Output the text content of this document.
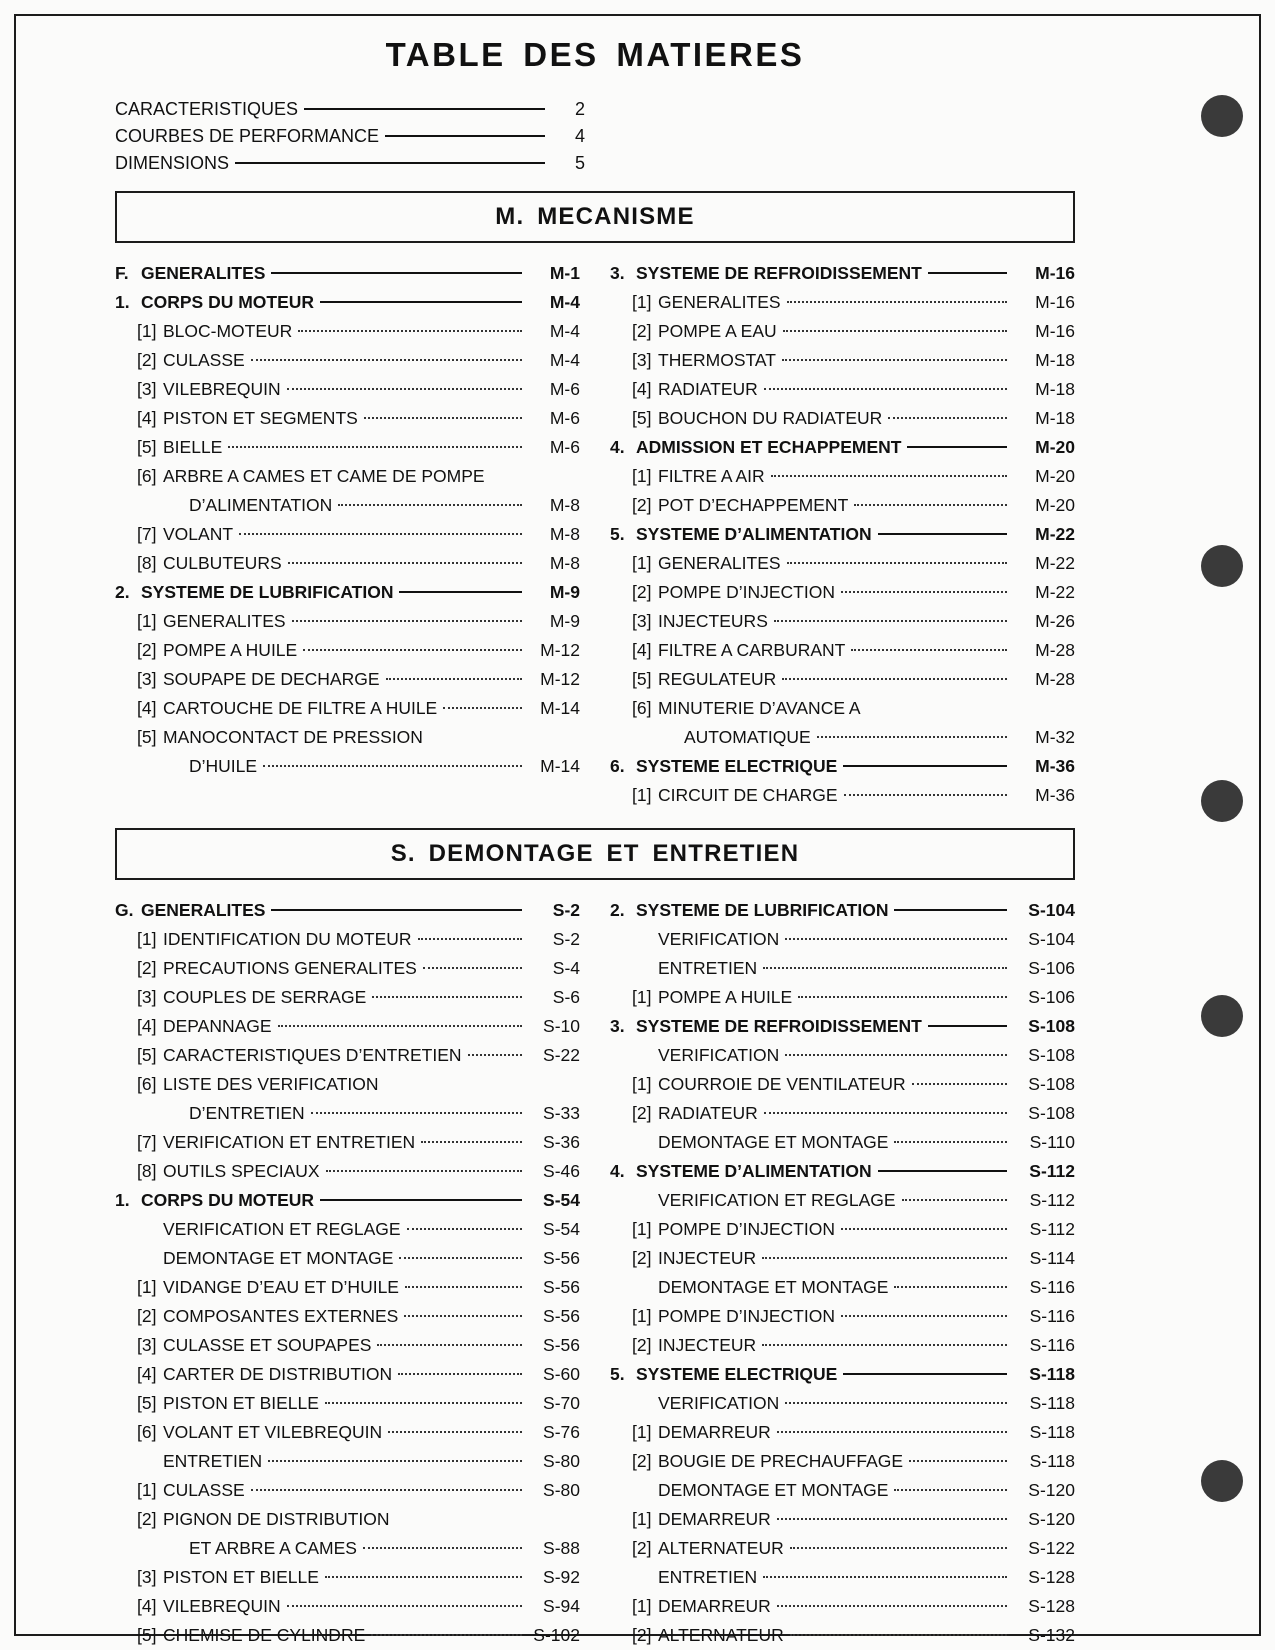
TABLE DES MATIERES
CARACTERISTIQUES	2
COURBES DE PERFORMANCE	4
DIMENSIONS	5
M. MECANISME
F. GENERALITES	M-1
1. CORPS DU MOTEUR	M-4
[1] BLOC-MOTEUR	M-4
[2] CULASSE	M-4
[3] VILEBREQUIN	M-6
[4] PISTON ET SEGMENTS	M-6
[5] BIELLE	M-6
[6] ARBRE A CAMES ET CAME DE POMPE
D’ALIMENTATION	M-8
[7] VOLANT	M-8
[8] CULBUTEURS	M-8
2. SYSTEME DE LUBRIFICATION	M-9
[1] GENERALITES	M-9
[2] POMPE A HUILE	M-12
[3] SOUPAPE DE DECHARGE	M-12
[4] CARTOUCHE DE FILTRE A HUILE	M-14
[5] MANOCONTACT DE PRESSION
D’HUILE	M-14
3. SYSTEME DE REFROIDISSEMENT	M-16
[1] GENERALITES	M-16
[2] POMPE A EAU	M-16
[3] THERMOSTAT	M-18
[4] RADIATEUR	M-18
[5] BOUCHON DU RADIATEUR	M-18
4. ADMISSION ET ECHAPPEMENT	M-20
[1] FILTRE A AIR	M-20
[2] POT D’ECHAPPEMENT	M-20
5. SYSTEME D’ALIMENTATION	M-22
[1] GENERALITES	M-22
[2] POMPE D’INJECTION	M-22
[3] INJECTEURS	M-26
[4] FILTRE A CARBURANT	M-28
[5] REGULATEUR	M-28
[6] MINUTERIE D’AVANCE A
AUTOMATIQUE	M-32
6. SYSTEME ELECTRIQUE	M-36
[1] CIRCUIT DE CHARGE	M-36
S. DEMONTAGE ET ENTRETIEN
G. GENERALITES	S-2
[1] IDENTIFICATION DU MOTEUR	S-2
[2] PRECAUTIONS GENERALITES	S-4
[3] COUPLES DE SERRAGE	S-6
[4] DEPANNAGE	S-10
[5] CARACTERISTIQUES D’ENTRETIEN	S-22
[6] LISTE DES VERIFICATION
D’ENTRETIEN	S-33
[7] VERIFICATION ET ENTRETIEN	S-36
[8] OUTILS SPECIAUX	S-46
1. CORPS DU MOTEUR	S-54
VERIFICATION ET REGLAGE	S-54
DEMONTAGE ET MONTAGE	S-56
[1] VIDANGE D’EAU ET D’HUILE	S-56
[2] COMPOSANTES EXTERNES	S-56
[3] CULASSE ET SOUPAPES	S-56
[4] CARTER DE DISTRIBUTION	S-60
[5] PISTON ET BIELLE	S-70
[6] VOLANT ET VILEBREQUIN	S-76
ENTRETIEN	S-80
[1] CULASSE	S-80
[2] PIGNON DE DISTRIBUTION
ET ARBRE A CAMES	S-88
[3] PISTON ET BIELLE	S-92
[4] VILEBREQUIN	S-94
[5] CHEMISE DE CYLINDRE	S-102
2. SYSTEME DE LUBRIFICATION	S-104
VERIFICATION	S-104
ENTRETIEN	S-106
[1] POMPE A HUILE	S-106
3. SYSTEME DE REFROIDISSEMENT	S-108
VERIFICATION	S-108
[1] COURROIE DE VENTILATEUR	S-108
[2] RADIATEUR	S-108
DEMONTAGE ET MONTAGE	S-110
4. SYSTEME D’ALIMENTATION	S-112
VERIFICATION ET REGLAGE	S-112
[1] POMPE D’INJECTION	S-112
[2] INJECTEUR	S-114
DEMONTAGE ET MONTAGE	S-116
[1] POMPE D’INJECTION	S-116
[2] INJECTEUR	S-116
5. SYSTEME ELECTRIQUE	S-118
VERIFICATION	S-118
[1] DEMARREUR	S-118
[2] BOUGIE DE PRECHAUFFAGE	S-118
DEMONTAGE ET MONTAGE	S-120
[1] DEMARREUR	S-120
[2] ALTERNATEUR	S-122
ENTRETIEN	S-128
[1] DEMARREUR	S-128
[2] ALTERNATEUR	S-132
